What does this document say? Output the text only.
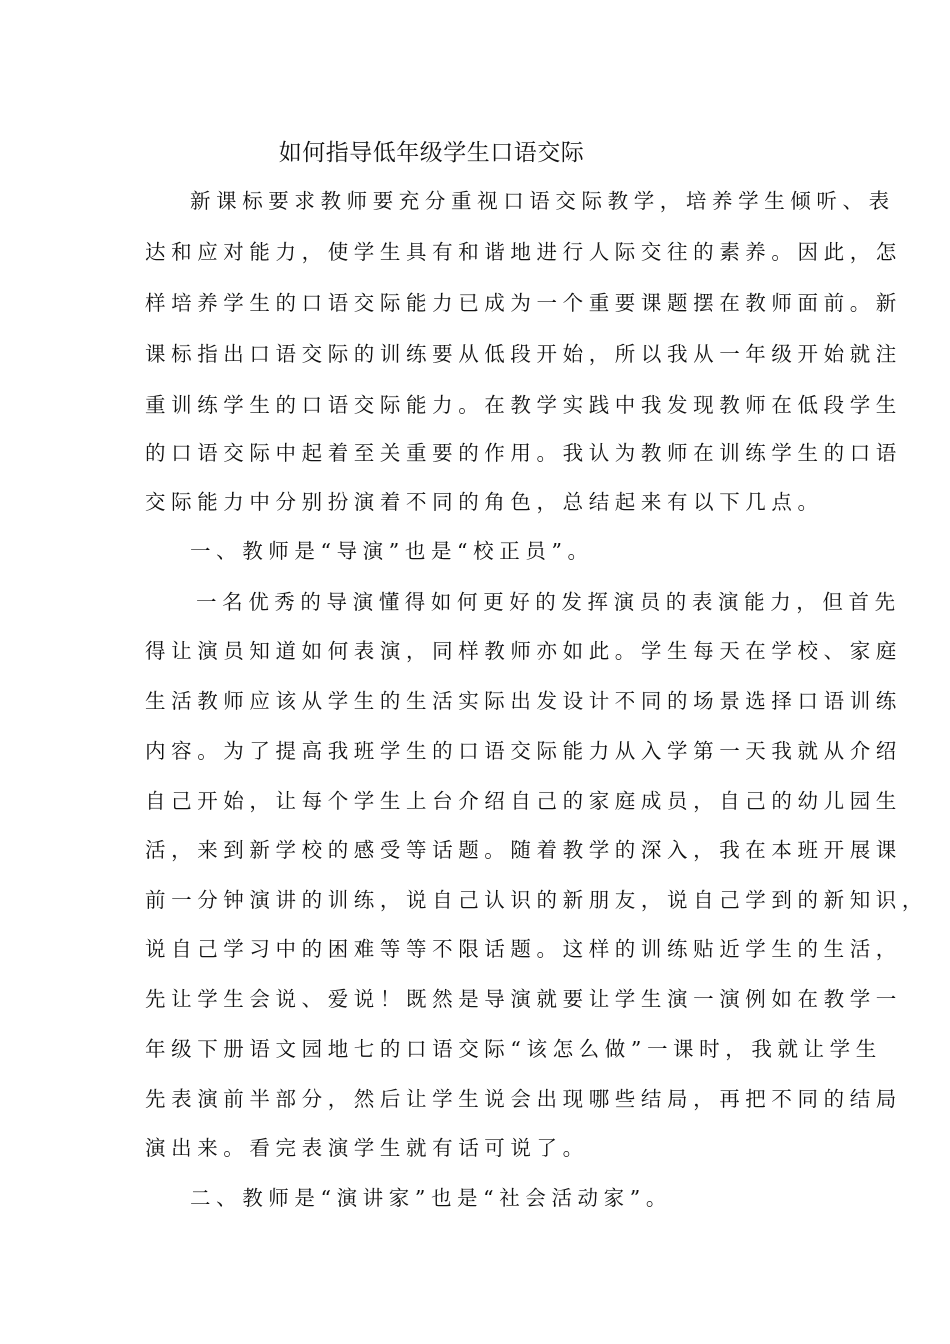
如何指导低年级学生口语交际
新课标要求教师要充分重视口语交际教学，培养学生倾听、表
达和应对能力，使学生具有和谐地进行人际交往的素养。因此，怎
样培养学生的口语交际能力已成为一个重要课题摆在教师面前。新
课标指出口语交际的训练要从低段开始，所以我从一年级开始就注
重训练学生的口语交际能力。在教学实践中我发现教师在低段学生
的口语交际中起着至关重要的作用。我认为教师在训练学生的口语
交际能力中分别扮演着不同的角色，总结起来有以下几点。
一、教师是“导演”也是“校正员”。
一名优秀的导演懂得如何更好的发挥演员的表演能力，但首先
得让演员知道如何表演，同样教师亦如此。学生每天在学校、家庭
生活教师应该从学生的生活实际出发设计不同的场景选择口语训练
内容。为了提高我班学生的口语交际能力从入学第一天我就从介绍
自己开始，让每个学生上台介绍自己的家庭成员，自己的幼儿园生
活，来到新学校的感受等话题。随着教学的深入，我在本班开展课
前一分钟演讲的训练，说自己认识的新朋友，说自己学到的新知识，
说自己学习中的困难等等不限话题。这样的训练贴近学生的生活，
先让学生会说、爱说！既然是导演就要让学生演一演例如在教学一
年级下册语文园地七的口语交际“该怎么做”一课时，我就让学生
先表演前半部分，然后让学生说会出现哪些结局，再把不同的结局
演出来。看完表演学生就有话可说了。
二、教师是“演讲家”也是“社会活动家”。
